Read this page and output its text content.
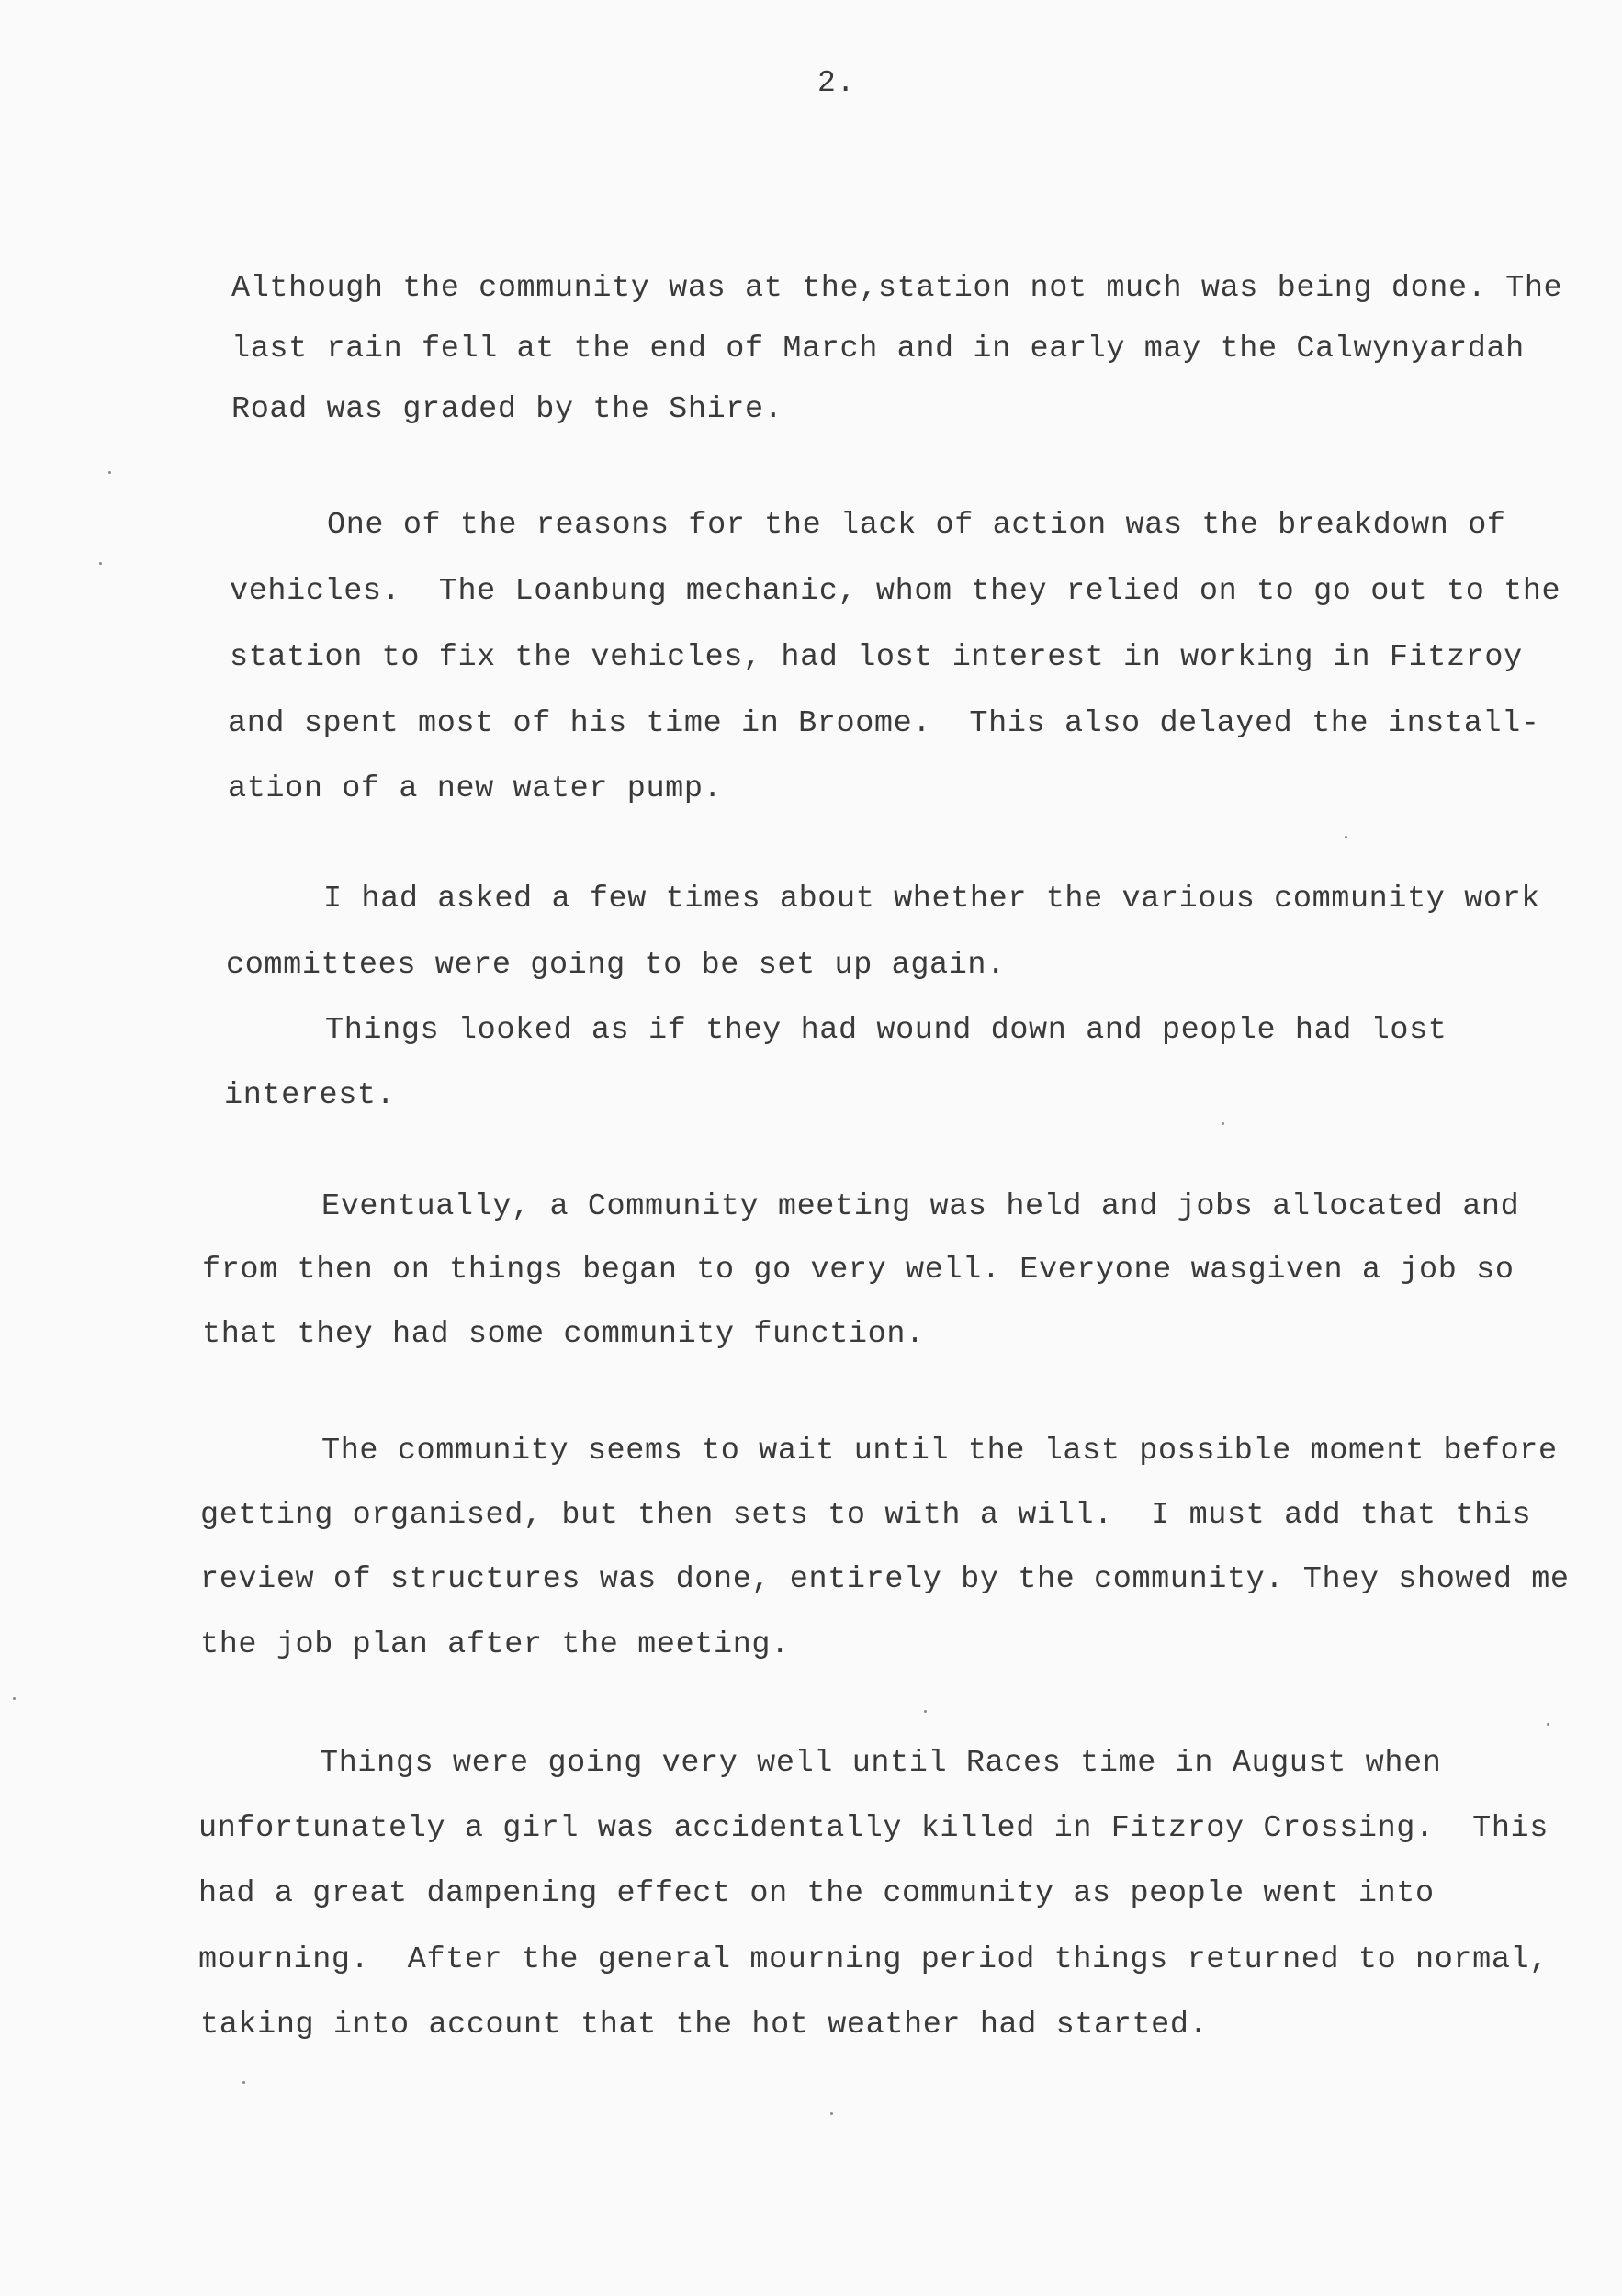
2.
Although the community was at the,station not much was being done. The
last rain fell at the end of March and in early may the Calwynyardah
Road was graded by the Shire.
One of the reasons for the lack of action was the breakdown of
vehicles.  The Loanbung mechanic, whom they relied on to go out to the
station to fix the vehicles, had lost interest in working in Fitzroy
and spent most of his time in Broome.  This also delayed the install-
ation of a new water pump.
I had asked a few times about whether the various community work
committees were going to be set up again.
Things looked as if they had wound down and people had lost
interest.
Eventually, a Community meeting was held and jobs allocated and
from then on things began to go very well. Everyone wasgiven a job so
that they had some community function.
The community seems to wait until the last possible moment before
getting organised, but then sets to with a will.  I must add that this
review of structures was done, entirely by the community. They showed me
the job plan after the meeting.
Things were going very well until Races time in August when
unfortunately a girl was accidentally killed in Fitzroy Crossing.  This
had a great dampening effect on the community as people went into
mourning.  After the general mourning period things returned to normal,
taking into account that the hot weather had started.
